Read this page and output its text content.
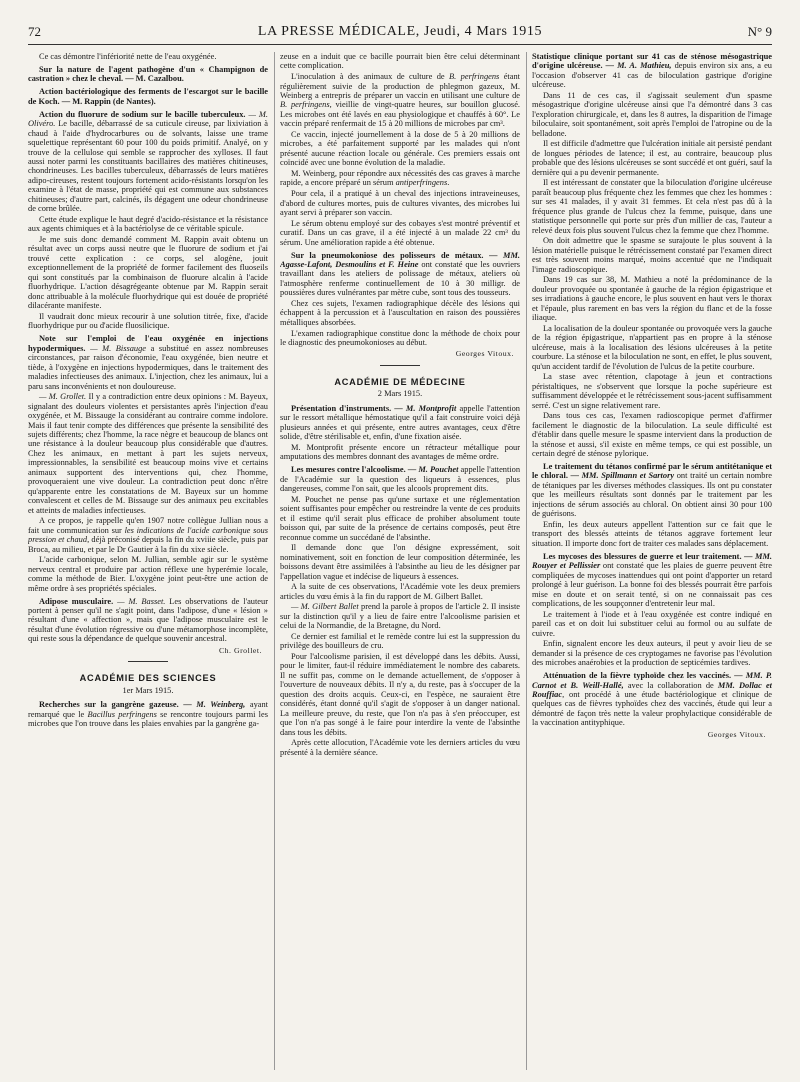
72	LA PRESSE MÉDICALE, Jeudi, 4 Mars 1915	N° 9

Ce cas démontre l'infériorité nette de l'eau oxygénée.

Sur la nature de l'agent pathogène d'un « Champignon de castration » chez le cheval. — M. Cazalbou.

Action bactériologique des ferments de l'escargot sur le bacille de Koch. — M. Rappin (de Nantes).

Action du fluorure de sodium sur le bacille tuberculeux. — M. Olivéro. Le bacille, débarrassé de sa cuticule cireuse, par lixiviation à chaud à l'aide d'hydrocarbures ou de solvants, laisse une trame squelettique représentant 60 pour 100 du poids primitif. Analyé, on y trouve de la cellulose qui semble se rapprocher des xylloses. Il faut aussi noter parmi les constituants bacillaires des matières chitineuses, chondrineuses. Les bacilles tuberculeux, débarrassés de leurs matières adipo-cireuses, restent toujours fortement acido-résistants lorsqu'on les examine à l'état de masse, propriété qui est commune aux substances chitineuses; d'autre part, calcinés, ils dégagent une odeur chondrineuse de corne brûlée.

Cette étude explique le haut degré d'acido-résistance et la résistance aux agents chimiques et à la bactériolyse de ce véritable spicule.

Je me suis donc demandé comment M. Rappin avait obtenu un résultat avec un corps aussi neutre que le fluorure de sodium et j'ai trouvé cette explication : ce corps, sel alogène, jouit exceptionnellement de la propriété de former facilement des fluoseils qui sont constitués par la combinaison de fluorure alcalin à l'acide fluorhydrique. L'action désagrégeante obtenue par M. Rappin serait donc attribuable à la molécule fluorhydrique qui est douée de propriété dilacérante manifeste.

Il vaudrait donc mieux recourir à une solution titrée, fixe, d'acide fluorhydrique pur ou d'acide fluosilicique.

Note sur l'emploi de l'eau oxygénée en injections hypodermiques. — M. Bissauge a substitué en assez nombreuses circonstances, par raison d'économie, l'eau oxygénée, bien neutre et tiède, à l'oxygène en injections hypodermiques, dans le traitement des maladies infectieuses des animaux. L'injection, chez les animaux, lui a paru sans inconvénients et non douloureuse.

— M. Grollet. Il y a contradiction entre deux opinions : M. Bayeux, signalant des douleurs violentes et persistantes après l'injection d'eau oxygénée, et M. Bissauge la considérant au contraire comme indolore. Mais il faut tenir compte des différences que présente la sensibilité des sujets différents; chez l'homme, la race nègre et beaucoup de blancs ont une résistance à la douleur beaucoup plus considérable que d'autres. Chez les animaux, en mettant à part les sujets nerveux, impressionnables, la sensibilité est beaucoup moins vive et certains animaux supportent des interventions qui, chez l'homme, provoqueraient une vive douleur. La contradiction peut donc n'être qu'apparente entre les constatations de M. Bayeux sur un homme convalescent et celles de M. Bissauge sur des animaux peu excitables et atteints de maladies infectieuses.

A ce propos, je rappelle qu'en 1907 notre collègue Jullian nous a fait une communication sur les indications de l'acide carbonique sous pression et chaud, déjà préconisé depuis la fin du xviiie siècle, puis par Broca, au milieu, et par le Dr Gautier à la fin du xixe siècle.

L'acide carbonique, selon M. Jullian, semble agir sur le système nerveux central et produire par action réflexe une hyperémie locale, comme la méthode de Bier. L'oxygène joint peut-être une action de même ordre à ses propriétés spéciales.

Adipose musculaire. — M. Basset. Les observations de l'auteur portent à penser qu'il ne s'agit point, dans l'adipose, d'une « lésion » résultant d'une « affection », mais que l'adipose musculaire est le résultat d'une évolution régressive ou d'une métamorphose incomplète, qui reste sous la dépendance de quelque souvenir ancestral.

Ch. Grollet.

ACADÉMIE DES SCIENCES

1er Mars 1915.

Recherches sur la gangrène gazeuse. — M. Weinberg, ayant remarqué que le Bacillus perfringens se rencontre toujours parmi les microbes que l'on trouve dans les plaies envahies par la gangrène ga-

zeuse en a induit que ce bacille pourrait bien être celui déterminant cette complication.

L'inoculation à des animaux de culture de B. perfringens étant régulièrement suivie de la production de phlegmon gazeux, M. Weinberg a entrepris de préparer un vaccin en utilisant une culture de B. perfringens, vieillie de vingt-quatre heures, sur bouillon glucosé. Les microbes ont été lavés en eau physiologique et chauffés à 60°. Le vaccin préparé renfermait de 15 à 20 millions de microbes par cm³.

Ce vaccin, injecté journellement à la dose de 5 à 20 millions de microbes, a été parfaitement supporté par les malades qui n'ont présenté aucune réaction locale ou générale. Ces premiers essais ont coïncidé avec une bonne évolution de la maladie.

M. Weinberg, pour répondre aux nécessités des cas graves à marche rapide, a encore préparé un sérum antiperfringens.

Pour cela, il a pratiqué à un cheval des injections intraveineuses, d'abord de cultures mortes, puis de cultures vivantes, des microbes lui ayant servi à préparer son vaccin.

Le sérum obtenu employé sur des cobayes s'est montré préventif et curatif. Dans un cas grave, il a été injecté à un malade 22 cm³ du sérum. Une amélioration rapide a été obtenue.

Sur la pneumokoniose des polisseurs de métaux. — MM. Agasse-Lafont, Desmoulins et F. Heine ont constaté que les ouvriers travaillant dans les ateliers de polissage de métaux, ateliers où l'atmosphère renferme continuellement de 10 à 30 milligr. de poussières dures vulnérantes par mètre cube, sont tous des tousseurs.

Chez ces sujets, l'examen radiographique décèle des lésions qui échappent à la percussion et à l'auscultation en raison des poussières métalliques absorbées.

L'examen radiographique constitue donc la méthode de choix pour le diagnostic des pneumokonioses au début.

Georges Vitoux.

ACADÉMIE DE MÉDECINE

2 Mars 1915.

Présentation d'instruments. — M. Montprofit appelle l'attention sur le ressort métallique hémostatique qu'il a fait construire voici déjà plusieurs années et qui présente, entre autres avantages, ceux d'être solide, d'être stérilisable et, enfin, d'une fixation aisée.

M. Montprofit présente encore un rétracteur métallique pour amputations des membres donnant des avantages de même ordre.

Les mesures contre l'alcoolisme. — M. Pouchet appelle l'attention de l'Académie sur la question des liqueurs à essences, plus dangereuses, comme l'on sait, que les alcools proprement dits.

M. Pouchet ne pense pas qu'une surtaxe et une réglementation soient suffisantes pour empêcher ou restreindre la vente de ces produits et il estime qu'il serait plus efficace de prohiber absolument toute boisson qui, par suite de la présence de certains composés, peut être reconnue comme un succédané de l'absinthe.

Il demande donc que l'on désigne expressément, soit nominativement, soit en fonction de leur composition déterminée, les boissons devant être assimilées à l'absinthe au lieu de les désigner par l'appellation vague et indécise de liqueurs à essences.

A la suite de ces observations, l'Académie vote les deux premiers articles du vœu émis à la fin du rapport de M. Gilbert Ballet.

— M. Gilbert Ballet prend la parole à propos de l'article 2. Il insiste sur la distinction qu'il y a lieu de faire entre l'alcoolisme parisien et celui de la Normandie, de la Bretagne, du Nord.

Ce dernier est familial et le remède contre lui est la suppression du privilège des bouilleurs de cru.

Pour l'alcoolisme parisien, il est développé dans les débits. Aussi, pour le limiter, faut-il réduire immédiatement le nombre des cabarets. Il ne suffit pas, comme on le demande actuellement, de s'opposer à l'ouverture de nouveaux débits. Il n'y a, du reste, pas à s'occuper de la question des droits acquis. Ceux-ci, en l'espèce, ne sauraient être considérés, étant donné qu'il s'agit de s'opposer à un danger national. La meilleure preuve, du reste, que l'on n'a pas à s'en préoccuper, est que l'on n'a pas songé à le faire pour interdire la vente de l'absinthe dans tous les débits.

Après cette allocution, l'Académie vote les derniers articles du vœu présenté à la dernière séance.

Statistique clinique portant sur 41 cas de sténose mésogastrique d'origine ulcéreuse. — M. A. Mathieu, depuis environ six ans, a eu l'occasion d'observer 41 cas de biloculation gastrique d'origine ulcéreuse.

Dans 11 de ces cas, il s'agissait seulement d'un spasme mésogastrique d'origine ulcéreuse ainsi que l'a démontré dans 3 cas l'exploration chirurgicale, et, dans les 8 autres, la disparition de l'image biloculaire, soit spontanément, soit après l'emploi de l'atropine ou de la belladone.

Il est difficile d'admettre que l'ulcération initiale ait persisté pendant de longues périodes de latence; il est, au contraire, beaucoup plus probable que des lésions ulcéreuses se sont succédé et ont guéri, sauf la dernière qui a pu devenir permanente.

Il est intéressant de constater que la biloculation d'origine ulcéreuse paraît beaucoup plus fréquente chez les femmes que chez les hommes : sur ses 41 malades, il y avait 31 femmes. Et cela n'est pas dû à la fréquence plus grande de l'ulcus chez la femme, puisque, dans une statistique personnelle qui porte sur près d'un millier de cas, l'auteur a relevé deux fois plus souvent l'ulcus chez la femme que chez l'homme.

On doit admettre que le spasme se surajoute le plus souvent à la lésion matérielle puisque le rétrécissement constaté par l'examen direct est très souvent moins marqué, moins accentué que ne l'indiquait l'image radioscopique.

Dans 19 cas sur 38, M. Mathieu a noté la prédominance de la douleur provoquée ou spontanée à gauche de la région épigastrique et ses irradiations à gauche encore, le plus souvent en haut vers le thorax et l'épaule, plus rarement en bas vers la région du flanc et de la fosse iliaque.

La localisation de la douleur spontanée ou provoquée vers la gauche de la région épigastrique, n'appartient pas en propre à la sténose ulcéreuse, mais à la localisation des lésions ulcéreuses à la petite courbure. La sténose et la biloculation ne sont, en effet, le plus souvent, qu'un accident tardif de l'évolution de l'ulcus de la petite courbure.

La stase avec rétention, clapotage à jeun et contractions péristaltiques, ne s'observent que lorsque la poche supérieure est suffisamment développée et le rétrécissement sous-jacent suffisamment serré. C'est un signe relativement rare.

Dans tous ces cas, l'examen radioscopique permet d'affirmer facilement le diagnostic de la biloculation. La seule difficulté est d'établir dans quelle mesure le spasme intervient dans la production de la sténose et aussi, s'il existe en même temps, ce qui est possible, un certain degré de sténose pylorique.

Le traitement du tétanos confirmé par le sérum antitétanique et le chloral. — MM. Spillmann et Sartory ont traité un certain nombre de tétaniques par les diverses méthodes classiques. Ils ont pu constater que les meilleurs résultats sont donnés par le traitement par les injections de sérum associés au chloral. On obtient ainsi 30 pour 100 de guérisons.

Enfin, les deux auteurs appellent l'attention sur ce fait que le transport des blessés atteints de tétanos aggrave fortement leur situation. Il importe donc fort de traiter ces malades sans déplacement.

Les mycoses des blessures de guerre et leur traitement. — MM. Rouyer et Pellissier ont constaté que les plaies de guerre peuvent être compliquées de mycoses inattendues qui ont point d'apporter un retard prolongé à leur guérison. La bonne foi des blessés pourrait être parfois mise en doute et on serait tenté, si on ne connaissait pas ces complications, de les soupçonner d'entretenir leur mal.

Le traitement à l'iode et à l'eau oxygénée est contre indiqué en pareil cas et on doit lui substituer celui au formol ou au sulfate de cuivre.

Enfin, signalent encore les deux auteurs, il peut y avoir lieu de se demander si la présence de ces cryptogames ne favorise pas l'évolution des microbes anaérobies et la production de septicémies tardives.

Atténuation de la fièvre typhoïde chez les vaccinés. — MM. P. Carnot et B. Weill-Hallé, avec la collaboration de MM. Dollac et Rouffiac, ont procédé à une étude bactériologique et clinique de quelques cas de fièvres typhoïdes chez des vaccinés, étude qui leur a démontré de façon très nette la valeur prophylactique considérable de la vaccination antityphique.

Georges Vitoux.
